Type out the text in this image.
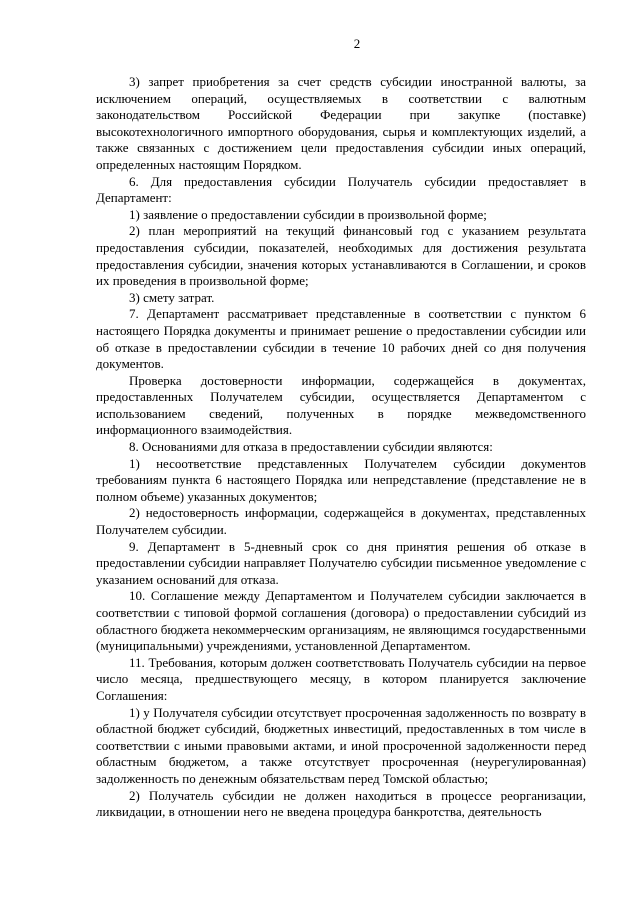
2

3) запрет приобретения за счет средств субсидии иностранной валюты, за исключением операций, осуществляемых в соответствии с валютным законодательством Российской Федерации при закупке (поставке) высокотехнологичного импортного оборудования, сырья и комплектующих изделий, а также связанных с достижением цели предоставления субсидии иных операций, определенных настоящим Порядком.

6. Для предоставления субсидии Получатель субсидии предоставляет в Департамент:

1) заявление о предоставлении субсидии в произвольной форме;

2) план мероприятий на текущий финансовый год с указанием результата предоставления субсидии, показателей, необходимых для достижения результата предоставления субсидии, значения которых устанавливаются в Соглашении, и сроков их проведения в произвольной форме;

3) смету затрат.

7. Департамент рассматривает представленные в соответствии с пунктом 6 настоящего Порядка документы и принимает решение о предоставлении субсидии или об отказе в предоставлении субсидии в течение 10 рабочих дней со дня получения документов.

Проверка достоверности информации, содержащейся в документах, предоставленных Получателем субсидии, осуществляется Департаментом с использованием сведений, полученных в порядке межведомственного информационного взаимодействия.

8. Основаниями для отказа в предоставлении субсидии являются:

1) несоответствие представленных Получателем субсидии документов требованиям пункта 6 настоящего Порядка или непредставление (представление не в полном объеме) указанных документов;

2) недостоверность информации, содержащейся в документах, представленных Получателем субсидии.

9. Департамент в 5-дневный срок со дня принятия решения об отказе в предоставлении субсидии направляет Получателю субсидии письменное уведомление с указанием оснований для отказа.

10. Соглашение между Департаментом и Получателем субсидии заключается в соответствии с типовой формой соглашения (договора) о предоставлении субсидий из областного бюджета некоммерческим организациям, не являющимся государственными (муниципальными) учреждениями, установленной Департаментом.

11. Требования, которым должен соответствовать Получатель субсидии на первое число месяца, предшествующего месяцу, в котором планируется заключение Соглашения:

1) у Получателя субсидии отсутствует просроченная задолженность по возврату в областной бюджет субсидий, бюджетных инвестиций, предоставленных в том числе в соответствии с иными правовыми актами, и иной просроченной задолженности перед областным бюджетом, а также отсутствует просроченная (неурегулированная) задолженность по денежным обязательствам перед Томской областью;

2) Получатель субсидии не должен находиться в процессе реорганизации, ликвидации, в отношении него не введена процедура банкротства, деятельность
